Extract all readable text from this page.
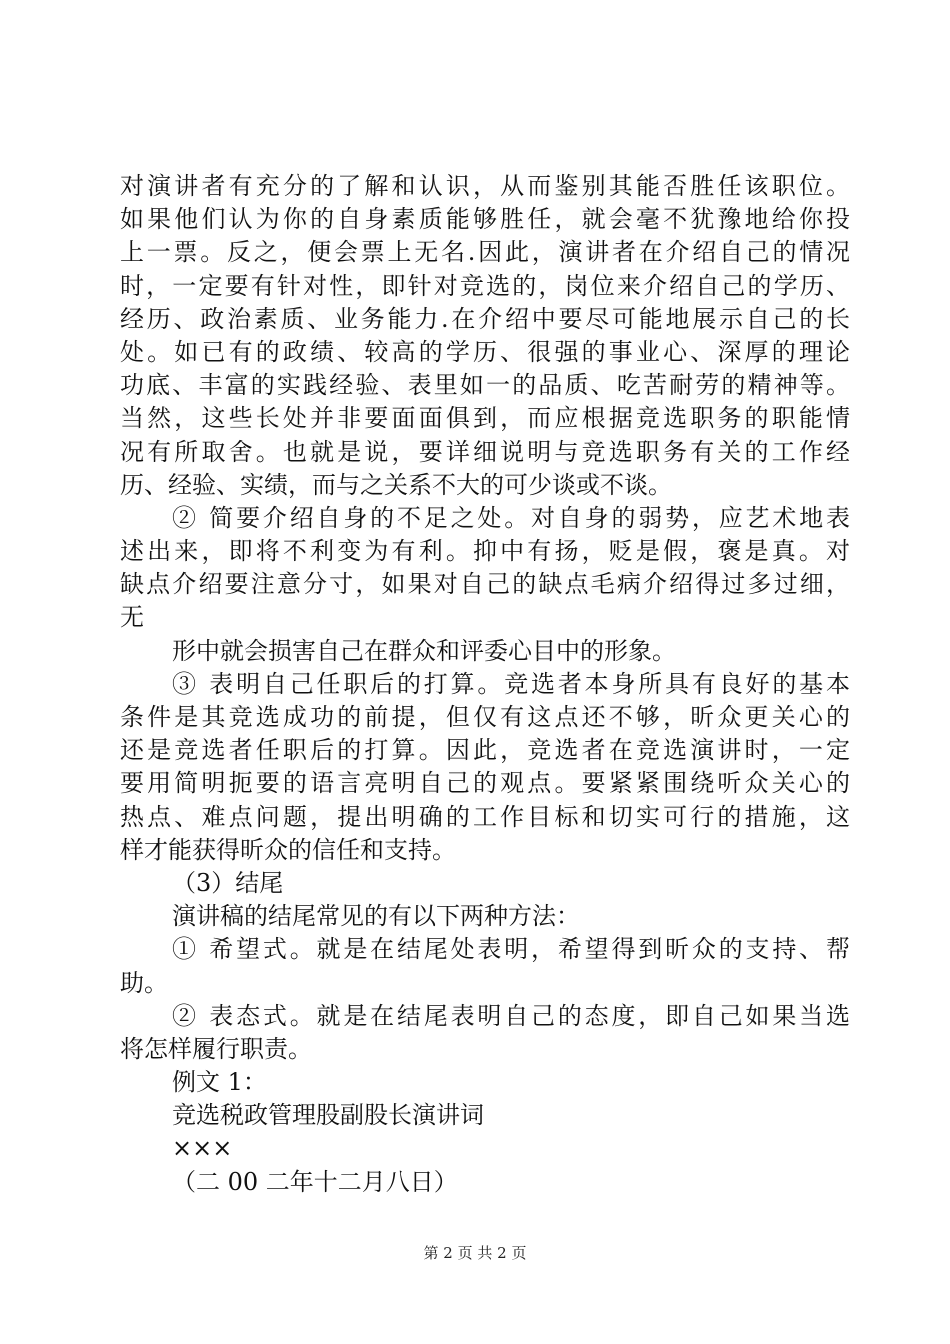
对演讲者有充分的了解和认识，从而鉴别其能否胜任该职位。
如果他们认为你的自身素质能够胜任，就会毫不犹豫地给你投
上一票。反之，便会票上无名.因此，演讲者在介绍自己的情况
时，一定要有针对性，即针对竞选的，岗位来介绍自己的学历、
经历、政治素质、业务能力.在介绍中要尽可能地展示自己的长
处。如已有的政绩、较高的学历、很强的事业心、深厚的理论
功底、丰富的实践经验、表里如一的品质、吃苦耐劳的精神等。
当然，这些长处并非要面面俱到，而应根据竞选职务的职能情
况有所取舍。也就是说，要详细说明与竞选职务有关的工作经
历、经验、实绩，而与之关系不大的可少谈或不谈。
② 简要介绍自身的不足之处。对自身的弱势，应艺术地表
述出来，即将不利变为有利。抑中有扬，贬是假，褒是真。对
缺点介绍要注意分寸，如果对自己的缺点毛病介绍得过多过细，
无
形中就会损害自己在群众和评委心目中的形象。
③ 表明自己任职后的打算。竞选者本身所具有良好的基本
条件是其竞选成功的前提，但仅有这点还不够，昕众更关心的
还是竞选者任职后的打算。因此，竞选者在竞选演讲时，一定
要用简明扼要的语言亮明自己的观点。要紧紧围绕听众关心的
热点、难点问题，提出明确的工作目标和切实可行的措施，这
样才能获得昕众的信任和支持。
（3）结尾
演讲稿的结尾常见的有以下两种方法：
① 希望式。就是在结尾处表明，希望得到昕众的支持、帮
助。
② 表态式。就是在结尾表明自己的态度，即自己如果当选
将怎样履行职责。
例文 1：
竞选税政管理股副股长演讲词
×××
（二 00 二年十二月八日）
第 2 页 共 2 页
